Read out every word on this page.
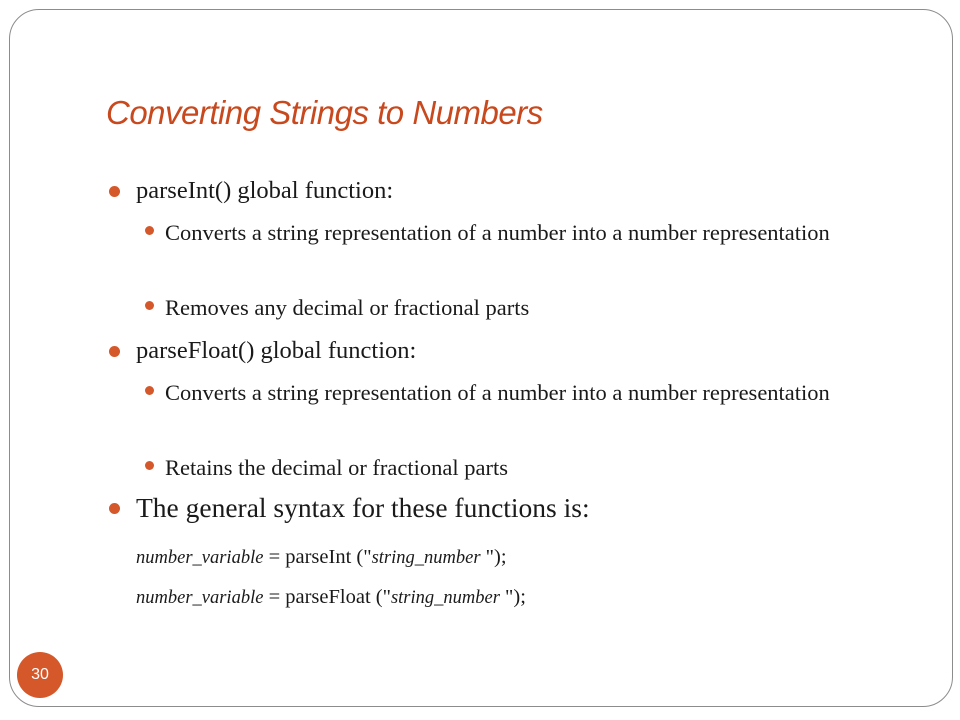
Converting Strings to Numbers
parseInt() global function:
Converts a string representation of a number into a number representation
Removes any decimal or fractional parts
parseFloat() global function:
Converts a string representation of a number into a number representation
Retains the decimal or fractional parts
The general syntax for these functions is:
number_variable = parseInt ("string_number ");
number_variable = parseFloat ("string_number ");
30
